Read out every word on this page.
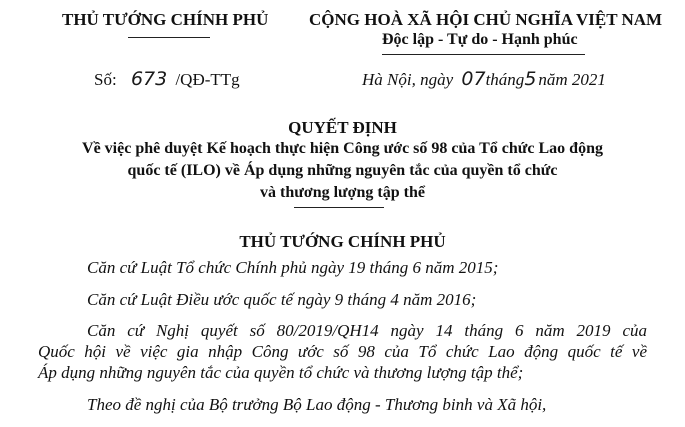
THỦ TƯỚNG CHÍNH PHỦ CỘNG HOÀ XÃ HỘI CHỦ NGHĨA VIỆT NAM
Độc lập - Tự do - Hạnh phúc
Số: 673 /QĐ-TTg	Hà Nội, ngày 07tháng5 năm 2021
QUYẾT ĐỊNH
Về việc phê duyệt Kế hoạch thực hiện Công ước số 98 của Tổ chức Lao động
quốc tế (ILO) về Áp dụng những nguyên tắc của quyền tổ chức
và thương lượng tập thể
THỦ TƯỚNG CHÍNH PHỦ
Căn cứ Luật Tổ chức Chính phủ ngày 19 tháng 6 năm 2015;
Căn cứ Luật Điều ước quốc tế ngày 9 tháng 4 năm 2016;
Căn cứ Nghị quyết số 80/2019/QH14 ngày 14 tháng 6 năm 2019 của
Quốc hội về việc gia nhập Công ước số 98 của Tổ chức Lao động quốc tế về
Áp dụng những nguyên tắc của quyền tổ chức và thương lượng tập thể;
Theo đề nghị của Bộ trưởng Bộ Lao động - Thương binh và Xã hội,
